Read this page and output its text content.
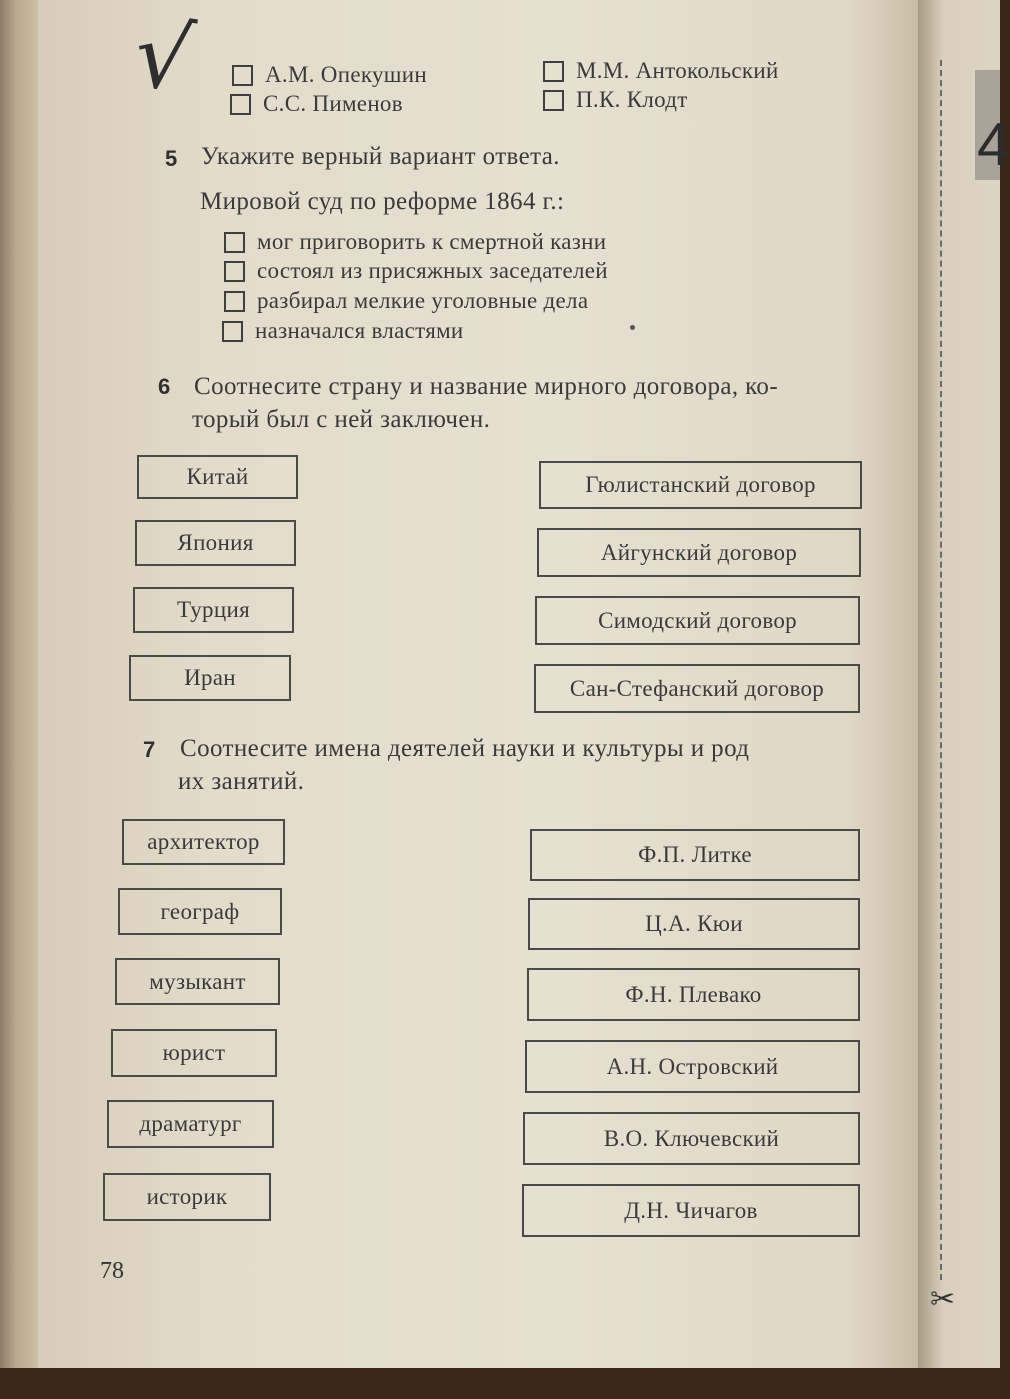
4
✂
√	А.М. Опекушин
С.С. Пименов
М.М. Антокольский
П.К. Клодт
5 Укажите верный вариант ответа.
Мировой суд по реформе 1864 г.:
мог приговорить к смертной казни
состоял из присяжных заседателей
разбирал мелкие уголовные дела
назначался властями
6 Соотнесите страну и название мирного договора, ко-
торый был с ней заключен.
Китай
Япония
Турция
Иран
Гюлистанский договор
Айгунский договор
Симодский договор
Сан-Стефанский договор
7 Соотнесите имена деятелей науки и культуры и род
их занятий.
архитектор
географ
музыкант
юрист
драматург
историк
Ф.П. Литке
Ц.А. Кюи
Ф.Н. Плевако
А.Н. Островский
В.О. Ключевский
Д.Н. Чичагов
78
